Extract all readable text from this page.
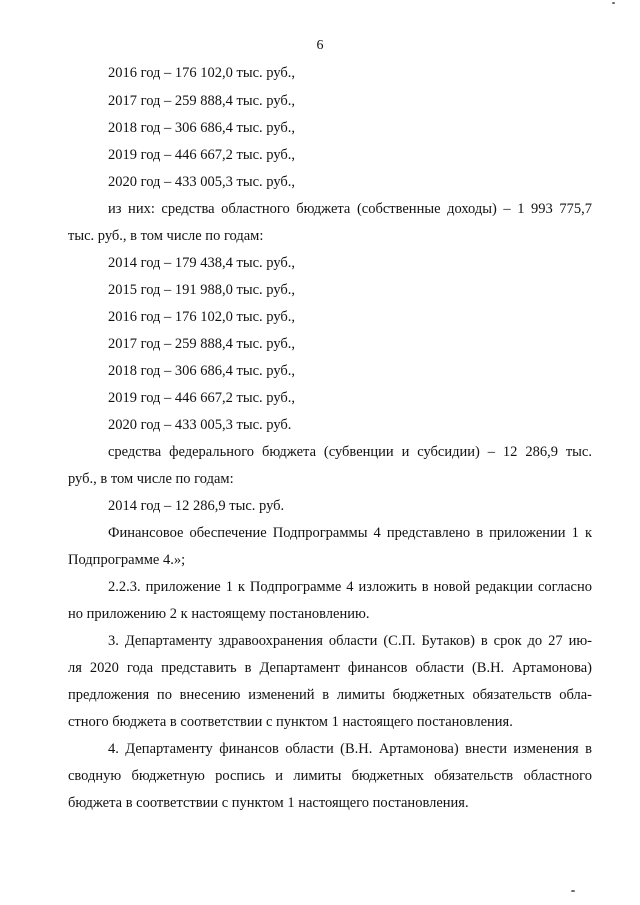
6
2016 год – 176 102,0 тыс. руб.,
2017 год – 259 888,4 тыс. руб.,
2018 год – 306 686,4 тыс. руб.,
2019 год – 446 667,2 тыс. руб.,
2020 год – 433 005,3 тыс. руб.,
из них: средства областного бюджета (собственные доходы) – 1 993 775,7
тыс. руб., в том числе по годам:
2014 год – 179 438,4 тыс. руб.,
2015 год – 191 988,0 тыс. руб.,
2016 год – 176 102,0 тыс. руб.,
2017 год – 259 888,4 тыс. руб.,
2018 год – 306 686,4 тыс. руб.,
2019 год – 446 667,2 тыс. руб.,
2020 год – 433 005,3 тыс. руб.
средства федерального бюджета (субвенции и субсидии) – 12 286,9 тыс.
руб., в том числе по годам:
2014 год – 12 286,9 тыс. руб.
Финансовое обеспечение Подпрограммы 4 представлено в приложении 1 к
Подпрограмме 4.»;
2.2.3. приложение 1 к Подпрограмме 4 изложить в новой редакции согласно
но приложению 2 к настоящему постановлению.
3. Департаменту здравоохранения области (С.П. Бутаков) в срок до 27 ию-
ля 2020 года представить в Департамент финансов области (В.Н. Артамонова)
предложения по внесению изменений в лимиты бюджетных обязательств обла-
стного бюджета в соответствии с пунктом 1 настоящего постановления.
4. Департаменту финансов области (В.Н. Артамонова) внести изменения в
сводную бюджетную роспись и лимиты бюджетных обязательств областного
бюджета в соответствии с пунктом 1 настоящего постановления.
